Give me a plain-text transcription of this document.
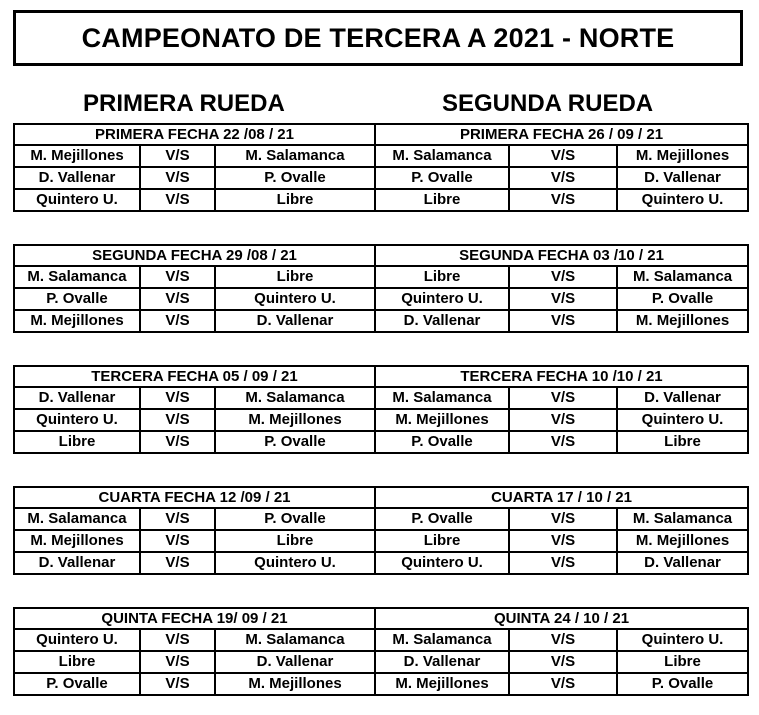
CAMPEONATO DE TERCERA A 2021 - NORTE
PRIMERA RUEDA	SEGUNDA RUEDA
PRIMERA FECHA 22 /08 / 21			PRIMERA FECHA 26 / 09 / 21		
M. Mejillones	V/S	M. Salamanca	M. Salamanca	V/S	M. Mejillones
D. Vallenar	V/S	P. Ovalle	P. Ovalle	V/S	D. Vallenar
Quintero U.	V/S	Libre	Libre	V/S	Quintero U.
SEGUNDA FECHA 29 /08 / 21			SEGUNDA FECHA 03 /10 / 21		
M. Salamanca	V/S	Libre	Libre	V/S	M. Salamanca
P. Ovalle	V/S	Quintero U.	Quintero U.	V/S	P. Ovalle
M. Mejillones	V/S	D. Vallenar	D. Vallenar	V/S	M. Mejillones
TERCERA FECHA 05 / 09 / 21			TERCERA FECHA 10 /10 / 21		
D. Vallenar	V/S	M. Salamanca	M. Salamanca	V/S	D. Vallenar
Quintero U.	V/S	M. Mejillones	M. Mejillones	V/S	Quintero U.
Libre	V/S	P. Ovalle	P. Ovalle	V/S	Libre
CUARTA FECHA 12 /09 / 21			CUARTA 17 / 10 / 21		
M. Salamanca	V/S	P. Ovalle	P. Ovalle	V/S	M. Salamanca
M. Mejillones	V/S	Libre	Libre	V/S	M. Mejillones
D. Vallenar	V/S	Quintero U.	Quintero U.	V/S	D. Vallenar
QUINTA FECHA 19/ 09 / 21			QUINTA 24 / 10 / 21		
Quintero U.	V/S	M. Salamanca	M. Salamanca	V/S	Quintero U.
Libre	V/S	D. Vallenar	D. Vallenar	V/S	Libre
P. Ovalle	V/S	M. Mejillones	M. Mejillones	V/S	P. Ovalle
